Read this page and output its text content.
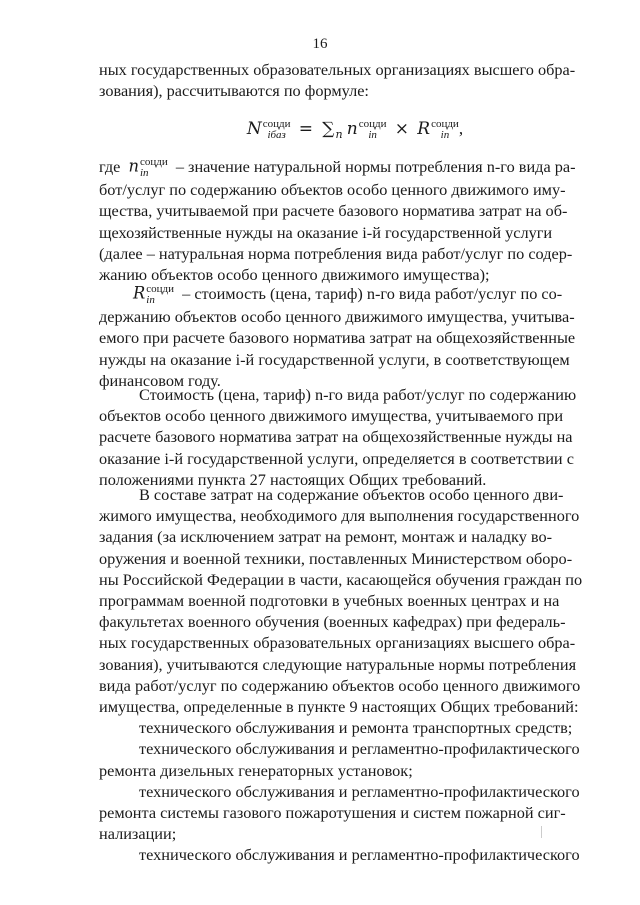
16

ных государственных образовательных организациях высшего обра-
зования), рассчитываются по формуле:

N соцди
iбаз = $\sum_n$ n соцди
in	× R соцди
in ,

где n соцди
in	– значение натуральной нормы потребления n-го вида ра-
бот/услуг по содержанию объектов особо ценного движимого иму-
щества, учитываемой при расчете базового норматива затрат на об-
щехозяйственные нужды на оказание i-й государственной услуги
(далее – натуральная норма потребления вида работ/услуг по содер-
жанию объектов особо ценного движимого имущества);

R соцди
in	– стоимость (цена, тариф) n-го вида работ/услуг по со-
держанию объектов особо ценного движимого имущества, учитыва-
емого при расчете базового норматива затрат на общехозяйственные
нужды на оказание i-й государственной услуги, в соответствующем
финансовом году.

Стоимость (цена, тариф) n-го вида работ/услуг по содержанию
объектов особо ценного движимого имущества, учитываемого при
расчете базового норматива затрат на общехозяйственные нужды на
оказание i-й государственной услуги, определяется в соответствии с
положениями пункта 27 настоящих Общих требований.

В составе затрат на содержание объектов особо ценного дви-
жимого имущества, необходимого для выполнения государственного
задания (за исключением затрат на ремонт, монтаж и наладку во-
оружения и военной техники, поставленных Министерством оборо-
ны Российской Федерации в части, касающейся обучения граждан по
программам военной подготовки в учебных военных центрах и на
факультетах военного обучения (военных кафедрах) при федераль-
ных государственных образовательных организациях высшего обра-
зования), учитываются следующие натуральные нормы потребления
вида работ/услуг по содержанию объектов особо ценного движимого
имущества, определенные в пункте 9 настоящих Общих требований:

технического обслуживания и ремонта транспортных средств;

технического обслуживания и регламентно-профилактического
ремонта дизельных генераторных установок;

технического обслуживания и регламентно-профилактического
ремонта системы газового пожаротушения и систем пожарной сиг-
нализации;

технического обслуживания и регламентно-профилактического
